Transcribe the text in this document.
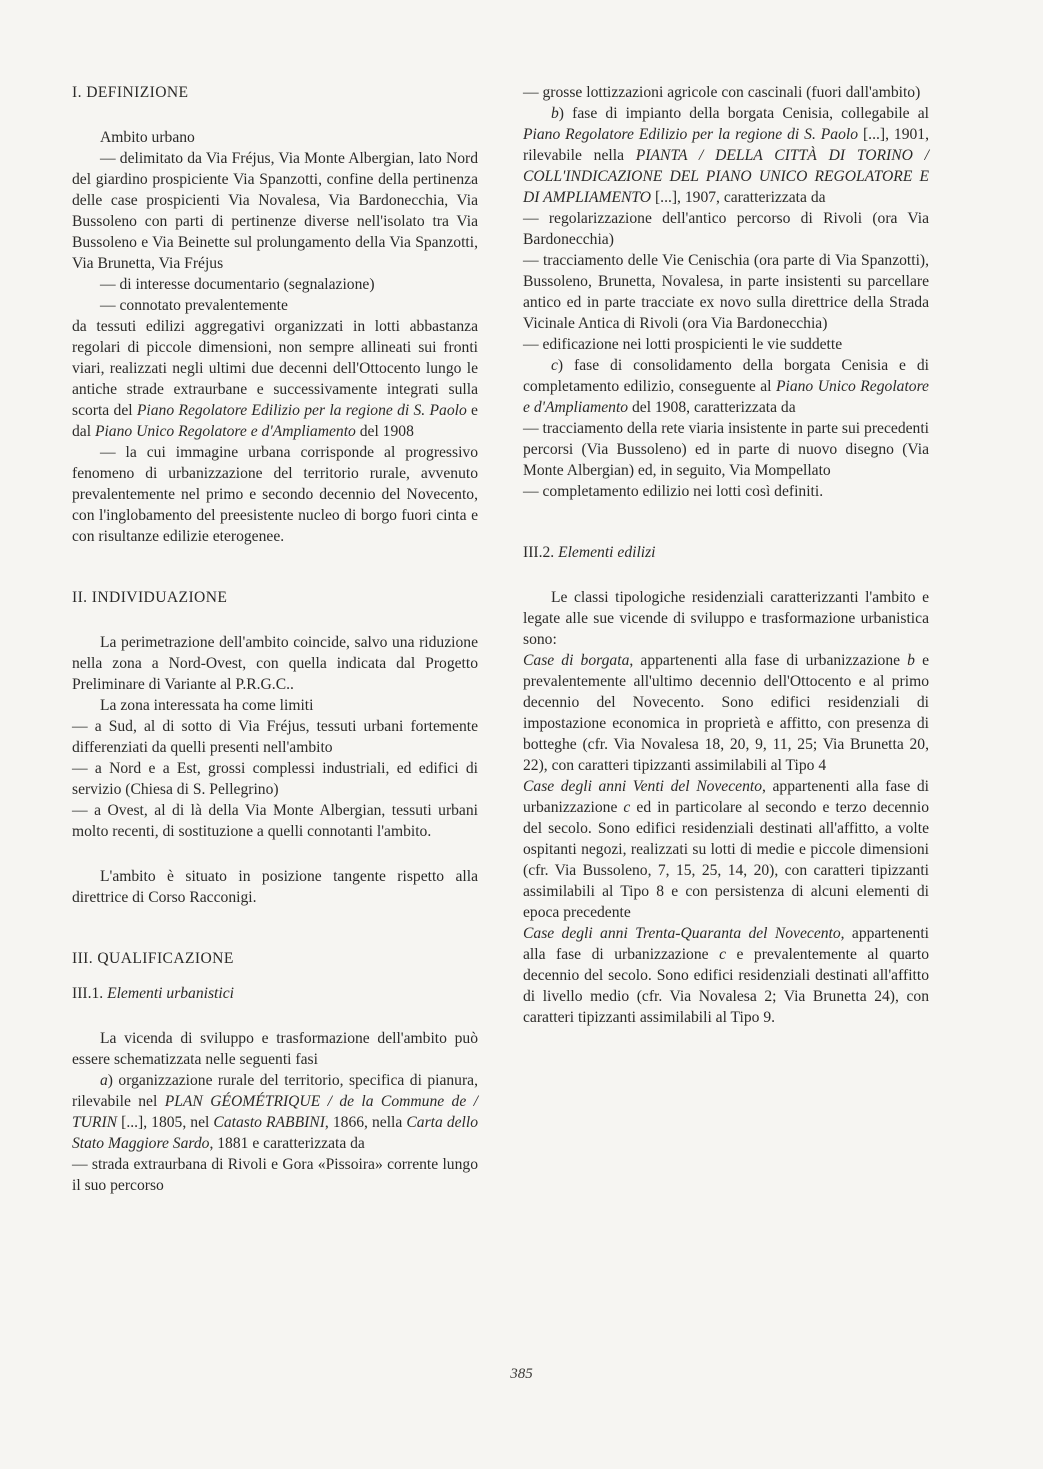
I. DEFINIZIONE

Ambito urbano

— delimitato da Via Fréjus, Via Monte Albergian, lato Nord del giardino prospiciente Via Spanzotti, confine della pertinenza delle case prospicienti Via Novalesa, Via Bardonecchia, Via Bussoleno con parti di pertinenze diverse nell'isolato tra Via Bussoleno e Via Beinette sul prolungamento della Via Spanzotti, Via Brunetta, Via Fréjus

— di interesse documentario (segnalazione)

— connotato prevalentemente

da tessuti edilizi aggregativi organizzati in lotti abbastanza regolari di piccole dimensioni, non sempre allineati sui fronti viari, realizzati negli ultimi due decenni dell'Ottocento lungo le antiche strade extraurbane e successivamente integrati sulla scorta del Piano Regolatore Edilizio per la regione di S. Paolo e dal Piano Unico Regolatore e d'Ampliamento del 1908

— la cui immagine urbana corrisponde al progressivo fenomeno di urbanizzazione del territorio rurale, avvenuto prevalentemente nel primo e secondo decennio del Novecento, con l'inglobamento del preesistente nucleo di borgo fuori cinta e con risultanze edilizie eterogenee.

II. INDIVIDUAZIONE

La perimetrazione dell'ambito coincide, salvo una riduzione nella zona a Nord-Ovest, con quella indicata dal Progetto Preliminare di Variante al P.R.G.C..

La zona interessata ha come limiti

— a Sud, al di sotto di Via Fréjus, tessuti urbani fortemente differenziati da quelli presenti nell'ambito

— a Nord e a Est, grossi complessi industriali, ed edifici di servizio (Chiesa di S. Pellegrino)

— a Ovest, al di là della Via Monte Albergian, tessuti urbani molto recenti, di sostituzione a quelli connotanti l'ambito.

L'ambito è situato in posizione tangente rispetto alla direttrice di Corso Racconigi.

III. QUALIFICAZIONE

III.1. Elementi urbanistici

La vicenda di sviluppo e trasformazione dell'ambito può essere schematizzata nelle seguenti fasi

a) organizzazione rurale del territorio, specifica di pianura, rilevabile nel PLAN GÉOMÉTRIQUE / de la Commune de / TURIN [...], 1805, nel Catasto RABBINI, 1866, nella Carta dello Stato Maggiore Sardo, 1881 e caratterizzata da

— strada extraurbana di Rivoli e Gora «Pissoira» corrente lungo il suo percorso

— grosse lottizzazioni agricole con cascinali (fuori dall'ambito)

b) fase di impianto della borgata Cenisia, collegabile al Piano Regolatore Edilizio per la regione di S. Paolo [...], 1901, rilevabile nella PIANTA / DELLA CITTÀ DI TORINO / COLL'INDICAZIONE DEL PIANO UNICO REGOLATORE E DI AMPLIAMENTO [...], 1907, caratterizzata da

— regolarizzazione dell'antico percorso di Rivoli (ora Via Bardonecchia)

— tracciamento delle Vie Cenischia (ora parte di Via Spanzotti), Bussoleno, Brunetta, Novalesa, in parte insistenti su parcellare antico ed in parte tracciate ex novo sulla direttrice della Strada Vicinale Antica di Rivoli (ora Via Bardonecchia)

— edificazione nei lotti prospicienti le vie suddette

c) fase di consolidamento della borgata Cenisia e di completamento edilizio, conseguente al Piano Unico Regolatore e d'Ampliamento del 1908, caratterizzata da

— tracciamento della rete viaria insistente in parte sui precedenti percorsi (Via Bussoleno) ed in parte di nuovo disegno (Via Monte Albergian) ed, in seguito, Via Mompellato

— completamento edilizio nei lotti così definiti.

III.2. Elementi edilizi

Le classi tipologiche residenziali caratterizzanti l'ambito e legate alle sue vicende di sviluppo e trasformazione urbanistica sono:

Case di borgata, appartenenti alla fase di urbanizzazione b e prevalentemente all'ultimo decennio dell'Ottocento e al primo decennio del Novecento. Sono edifici residenziali di impostazione economica in proprietà e affitto, con presenza di botteghe (cfr. Via Novalesa 18, 20, 9, 11, 25; Via Brunetta 20, 22), con caratteri tipizzanti assimilabili al Tipo 4

Case degli anni Venti del Novecento, appartenenti alla fase di urbanizzazione c ed in particolare al secondo e terzo decennio del secolo. Sono edifici residenziali destinati all'affitto, a volte ospitanti negozi, realizzati su lotti di medie e piccole dimensioni (cfr. Via Bussoleno, 7, 15, 25, 14, 20), con caratteri tipizzanti assimilabili al Tipo 8 e con persistenza di alcuni elementi di epoca precedente

Case degli anni Trenta-Quaranta del Novecento, appartenenti alla fase di urbanizzazione c e prevalentemente al quarto decennio del secolo. Sono edifici residenziali destinati all'affitto di livello medio (cfr. Via Novalesa 2; Via Brunetta 24), con caratteri tipizzanti assimilabili al Tipo 9.

385
